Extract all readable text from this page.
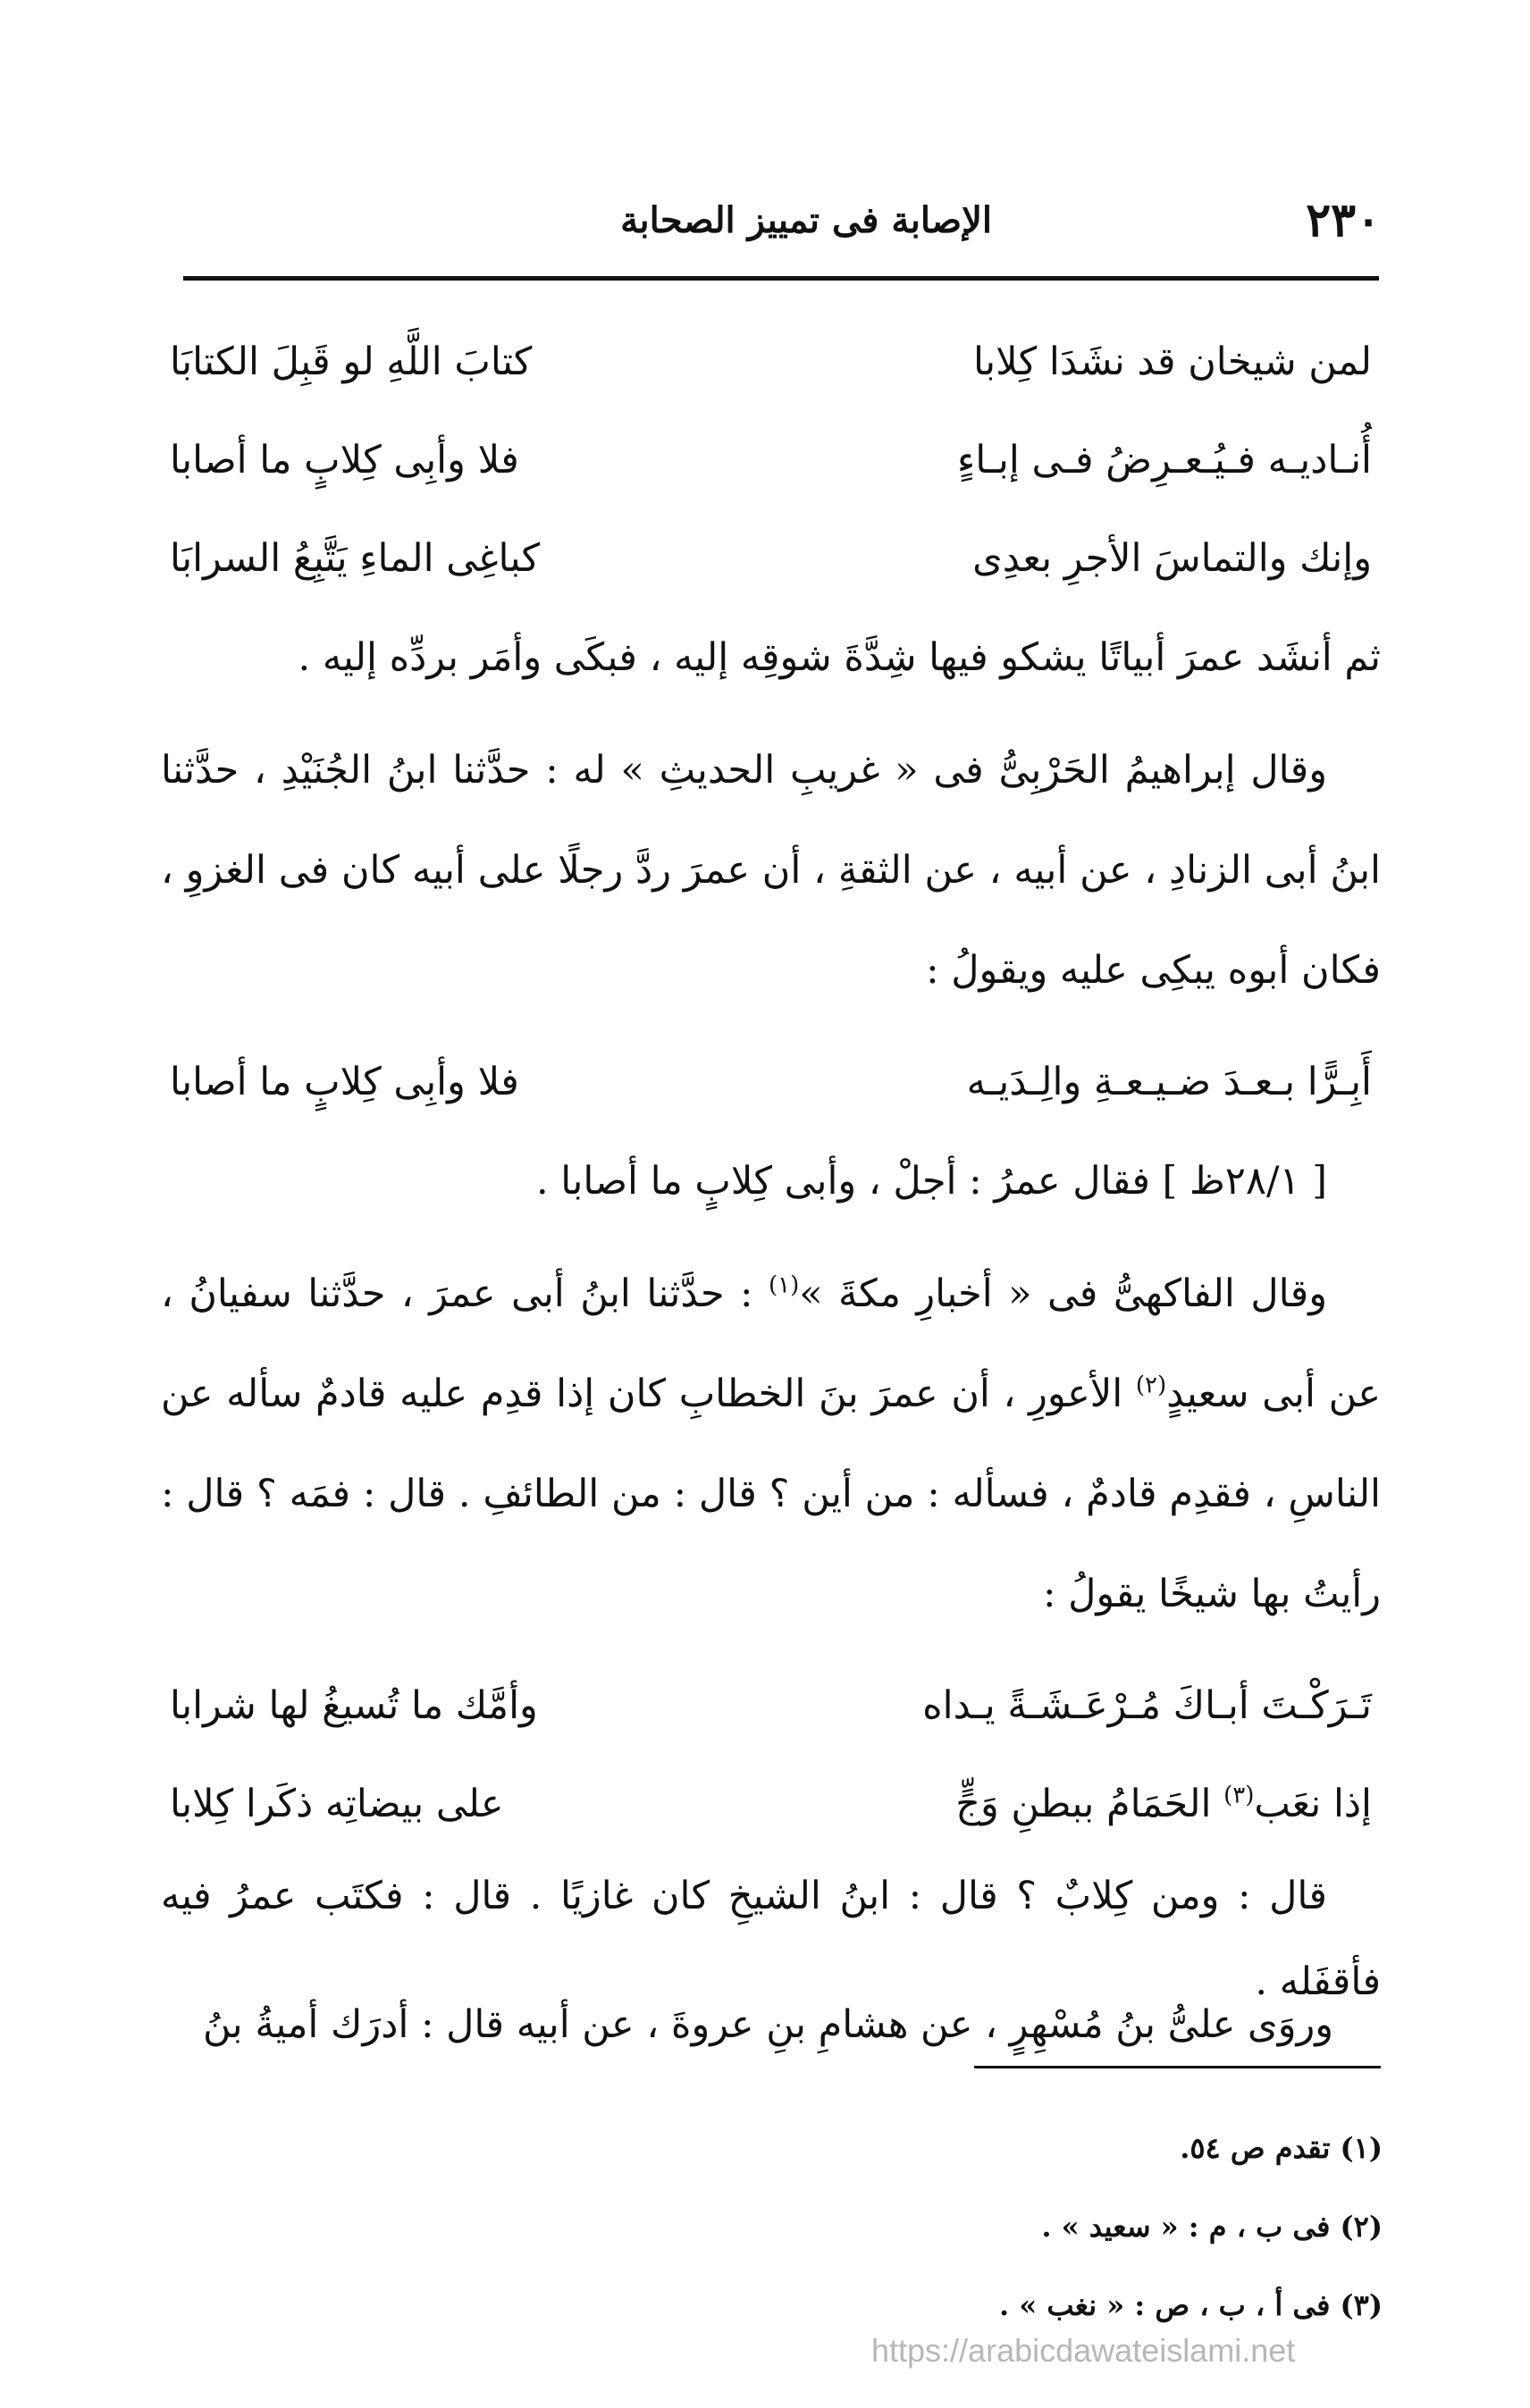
٢٣٠
الإصابة فى تمييز الصحابة
لمن شيخان قد نشَدَا كِلابا
كتابَ اللَّهِ لو قَبِلَ الكتابَا
أُنـاديـه فـيُـعـرِضُ فـى إبـاءٍ
فلا وأبِى كِلابٍ ما أصابا
وإنك والتماسَ الأجرِ بعدِى
كباغِى الماءِ يَتَّبِعُ السرابَا

ثم أنشَد عمرَ أبياتًا يشكو فيها شِدَّةَ شوقِه إليه ، فبكَى وأمَر بردِّه إليه .

وقال إبراهيمُ الحَرْبِىُّ فى « غريبِ الحديثِ » له : حدَّثنا ابنُ الجُنَيْدِ ، حدَّثنا ابنُ أبى الزنادِ ، عن أبيه ، عن الثقةِ ، أن عمرَ ردَّ رجلًا على أبيه كان فى الغزوِ ، فكان أبوه يبكِى عليه ويقولُ :

أَبِـرًّا بـعـدَ ضـيـعـةِ والِـدَيـه
فلا وأبِى كِلابٍ ما أصابا

[ ٢٨/١ظ ] فقال عمرُ : أجلْ ، وأبى كِلابٍ ما أصابا .

وقال الفاكهىُّ فى « أخبارِ مكةَ »$^{(١)}$ : حدَّثنا ابنُ أبى عمرَ ، حدَّثنا سفيانُ ، عن أبى سعيدٍ$^{(٢)}$ الأعورِ ، أن عمرَ بنَ الخطابِ كان إذا قدِم عليه قادمٌ سأله عن الناسِ ، فقدِم قادمٌ ، فسأله : من أين ؟ قال : من الطائفِ . قال : فمَه ؟ قال : رأيتُ بها شيخًا يقولُ :

تَـرَكْـتَ أبـاكَ مُـرْعَـشَـةً يـداه
وأمَّك ما تُسيغُ لها شرابا
إذا نعَب$^{(٣)}$ الحَمَامُ ببطنِ وَجٍّ
على بيضاتِه ذكَرا كِلابا

قال : ومن كِلابٌ ؟ قال : ابنُ الشيخِ كان غازيًا . قال : فكتَب عمرُ فيه فأقفَله .

وروَى علىُّ بنُ مُسْهِرٍ ، عن هشامِ بنِ عروةَ ، عن أبيه قال : أدرَك أميةُ بنُ

(١) تقدم ص ٥٤.
(٢) فى ب ، م : « سعيد » .
(٣) فى أ ، ب ، ص : « نغب » .
https://arabicdawateislami.net
